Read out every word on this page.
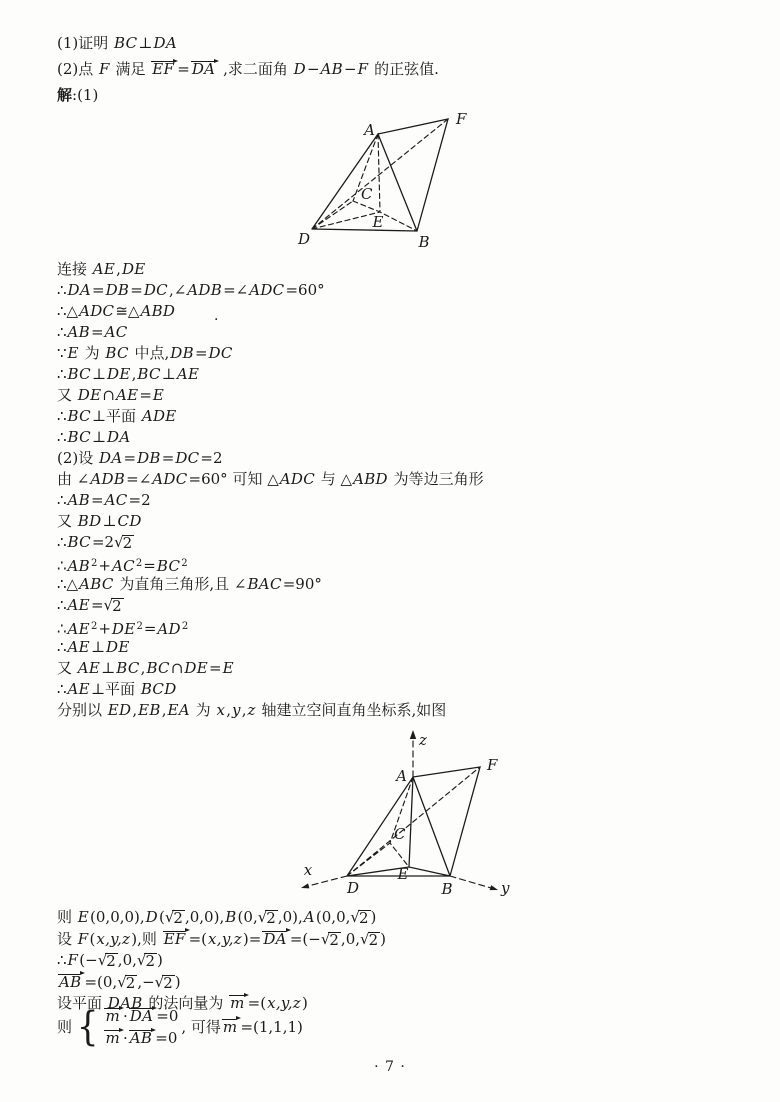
(1)证明 BC⊥DA
(2)点 F 满足 EF = DA ,求二面角 D−AB−F 的正弦值.
解:(1)
A
F
D	B
E
C
连接 AE,DE
∴DA=DB=DC,∠ADB=∠ADC=60°
∴△ADC≅△ABD
∴AB=AC
∵E 为 BC 中点,DB=DC
∴BC⊥DE,BC⊥AE
又 DE∩AE=E
∴BC⊥平面 ADE
∴BC⊥DA
(2)设 DA=DB=DC=2
由 ∠ADB=∠ADC=60° 可知 △ADC 与 △ABD 为等边三角形
∴AB=AC=2
又 BD⊥CD
∴BC=2√2
$\therefore AB^2+AC^2=BC^2$
∴△ABC 为直角三角形,且 ∠BAC=90°
∴AE=√2
$\therefore AE^2+DE^2=AD^2$
∴AE⊥DE
又 AE⊥BC,BC∩DE=E
∴AE⊥平面 BCD
分别以 ED,EB,EA 为 x,y,z 轴建立空间直角坐标系,如图
·
A
F
D	B
E
C
x
y
z
则 E(0,0,0),D(√2 ,0,0),B(0,√2 ,0),A(0,0,√2 )
设 F(x,y,z),则 EF =(x,y,z)= DA =(−√2 ,0,√2 )
∴F(−√2 ,0,√2 )
AB =(0,√2 ,−√2 )
设平面 DAB 的法向量为 m =(x,y,z)
则 { m · DA =0
m · AB =0
, 可得 m =(1,1,1)
· 7 ·
